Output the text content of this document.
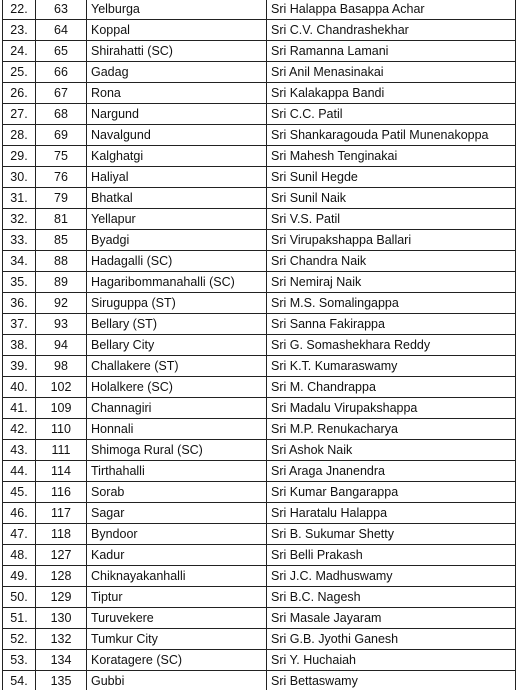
22.	63	Yelburga	Sri Halappa Basappa Achar
23.	64	Koppal	Sri C.V. Chandrashekhar
24.	65	Shirahatti (SC)	Sri Ramanna Lamani
25.	66	Gadag	Sri Anil Menasinakai
26.	67	Rona	Sri Kalakappa Bandi
27.	68	Nargund	Sri C.C. Patil
28.	69	Navalgund	Sri Shankaragouda Patil Munenakoppa
29.	75	Kalghatgi	Sri Mahesh Tenginakai
30.	76	Haliyal	Sri Sunil Hegde
31.	79	Bhatkal	Sri Sunil Naik
32.	81	Yellapur	Sri V.S. Patil
33.	85	Byadgi	Sri Virupakshappa Ballari
34.	88	Hadagalli (SC)	Sri Chandra Naik
35.	89	Hagaribommanahalli (SC)	Sri Nemiraj Naik
36.	92	Siruguppa (ST)	Sri M.S. Somalingappa
37.	93	Bellary (ST)	Sri Sanna Fakirappa
38.	94	Bellary City	Sri G. Somashekhara Reddy
39.	98	Challakere (ST)	Sri K.T. Kumaraswamy
40.	102	Holalkere (SC)	Sri M. Chandrappa
41.	109	Channagiri	Sri Madalu Virupakshappa
42.	110	Honnali	Sri M.P. Renukacharya
43.	111	Shimoga Rural (SC)	Sri Ashok Naik
44.	114	Tirthahalli	Sri Araga Jnanendra
45.	116	Sorab	Sri Kumar Bangarappa
46.	117	Sagar	Sri Haratalu Halappa
47.	118	Byndoor	Sri B. Sukumar Shetty
48.	127	Kadur	Sri Belli Prakash
49.	128	Chiknayakanhalli	Sri J.C. Madhuswamy
50.	129	Tiptur	Sri B.C. Nagesh
51.	130	Turuvekere	Sri Masale Jayaram
52.	132	Tumkur City	Sri G.B. Jyothi Ganesh
53.	134	Koratagere (SC)	Sri Y. Huchaiah
54.	135	Gubbi	Sri Bettaswamy
